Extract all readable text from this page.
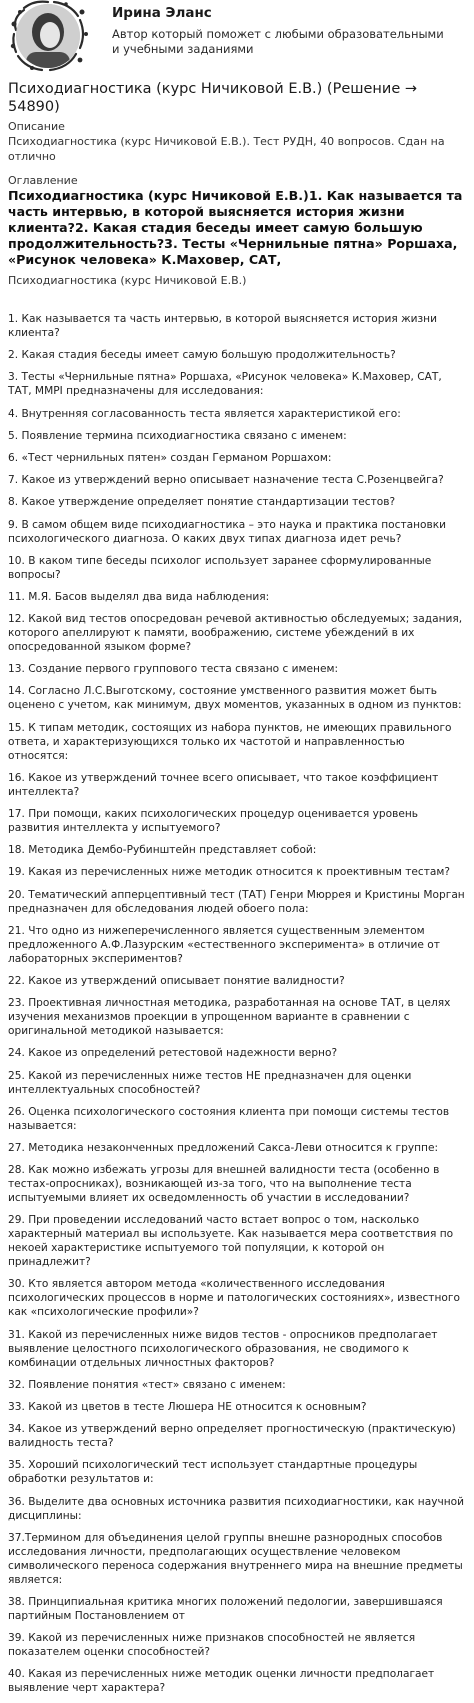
Ирина Эланс
Автор который поможет с любыми образовательными и учебными заданиями
Психодиагностика (курс Ничиковой Е.В.) (Решение → 54890)
Описание
Психодиагностика (курс Ничиковой Е.В.). Тест РУДН, 40 вопросов. Сдан на отлично
Оглавление
Психодиагностика (курс Ничиковой Е.В.)1. Как называется та часть интервью, в которой выясняется история жизни клиента?2. Какая стадия беседы имеет самую большую продолжительность?3. Тесты «Чернильные пятна» Роршаха, «Рисунок человека» К.Маховер, САТ,
Психодиагностика (курс Ничиковой Е.В.)
1. Как называется та часть интервью, в которой выясняется история жизни клиента?
2. Какая стадия беседы имеет самую большую продолжительность?
3. Тесты «Чернильные пятна» Роршаха, «Рисунок человека» К.Маховер, САТ, ТАТ, MMPI предназначены для исследования:
4. Внутренняя согласованность теста является характеристикой его:
5. Появление термина психодиагностика связано с именем:
6. «Тест чернильных пятен» создан Германом Роршахом:
7. Какое из утверждений верно описывает назначение теста С.Розенцвейга?
8. Какое утверждение определяет понятие стандартизации тестов?
9. В самом общем виде психодиагностика – это наука и практика постановки психологического диагноза. О каких двух типах диагноза идет речь?
10. В каком типе беседы психолог использует заранее сформулированные вопросы?
11. М.Я. Басов выделял два вида наблюдения:
12. Какой вид тестов опосредован речевой активностью обследуемых; задания, которого апеллируют к памяти, воображению, системе убеждений в их опосредованной языком форме?
13. Создание первого группового теста связано с именем:
14. Согласно Л.С.Выготскому, состояние умственного развития может быть оценено с учетом, как минимум, двух моментов, указанных в одном из пунктов:
15. К типам методик, состоящих из набора пунктов, не имеющих правильного ответа, и характеризующихся только их частотой и направленностью относятся:
16. Какое из утверждений точнее всего описывает, что такое коэффициент интеллекта?
17. При помощи, каких психологических процедур оценивается уровень развития интеллекта у испытуемого?
18. Методика Дембо-Рубинштейн представляет собой:
19. Какая из перечисленных ниже методик относится к проективным тестам?
20. Тематический апперцептивный тест (ТАТ) Генри Мюррея и Кристины Морган предназначен для обследования людей обоего пола:
21. Что одно из нижеперечисленного является существенным элементом предложенного А.Ф.Лазурским «естественного эксперимента» в отличие от лабораторных экспериментов?
22. Какое из утверждений описывает понятие валидности?
23. Проективная личностная методика, разработанная на основе ТАТ, в целях изучения механизмов проекции в упрощенном варианте в сравнении с оригинальной методикой называется:
24. Какое из определений ретестовой надежности верно?
25. Какой из перечисленных ниже тестов НЕ предназначен для оценки интеллектуальных способностей?
26. Оценка психологического состояния клиента при помощи системы тестов называется:
27. Методика незаконченных предложений Сакса-Леви относится к группе:
28. Как можно избежать угрозы для внешней валидности теста (особенно в тестах-опросниках), возникающей из-за того, что на выполнение теста испытуемыми влияет их осведомленность об участии в исследовании?
29. При проведении исследований часто встает вопрос о том, насколько характерный материал вы используете. Как называется мера соответствия по некоей характеристике испытуемого той популяции, к которой он принадлежит?
30. Кто является автором метода «количественного исследования психологических процессов в норме и патологических состояниях», известного как «психологические профили»?
31. Какой из перечисленных ниже видов тестов - опросников предполагает выявление целостного психологического образования, не сводимого к комбинации отдельных личностных факторов?
32. Появление понятия «тест» связано с именем:
33. Какой из цветов в тесте Люшера НЕ относится к основным?
34. Какое из утверждений верно определяет прогностическую (практическую) валидность теста?
35. Хороший психологический тест использует стандартные процедуры обработки результатов и:
36. Выделите два основных источника развития психодиагностики, как научной дисциплины:
37.Термином для объединения целой группы внешне разнородных способов исследования личности, предполагающих осуществление человеком символического переноса содержания внутреннего мира на внешние предметы является:
38. Принципиальная критика многих положений педологии, завершившаяся партийным Постановлением от
39. Какой из перечисленных ниже признаков способностей не является показателем оценки способностей?
40. Какая из перечисленных ниже методик оценки личности предполагает выявление черт характера?
